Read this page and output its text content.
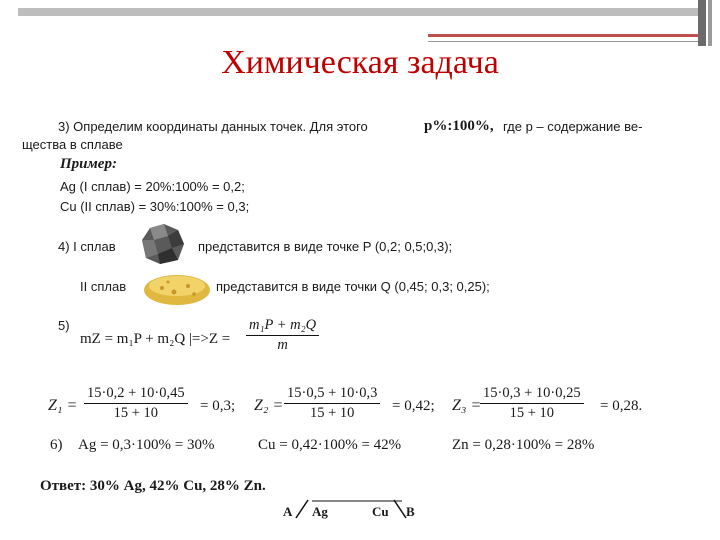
Химическая задача
3) Определим координаты данных точек. Для этого	p%:100%, где p – содержание ве-
щества в сплаве
Пример:
Ag (I сплав) = 20%:100% = 0,2;
Cu (II сплав) = 30%:100% = 0,3;
4) I сплав	представится в виде точке P (0,2; 0,5;0,3);
II сплав	представится в виде точки Q (0,45; 0,3; 0,25);
5)
mZ = m₁P + m₂Q $|=>Z = \frac{\text{m₁P + m₂Q}}{m}$
$Z_1 = \frac{15\cdot 0,2 + 10\cdot 0,45}{15 + 10} = 0,3$; $Z_2 = \frac{15\cdot 0,5 + 10\cdot 0,3}{15 + 10} = 0,42$; Z₃ =
$\frac{15\cdot 0,3 + 10\cdot 0,25}{15 + 10} = 0,28$.
6) Ag = 0,3·100% = 30%	Cu = 0,42·100% = 42%	Zn = 0,28·100% = 28%
Ответ: 30% Ag, 42% Cu, 28% Zn.
A Ag	Cu B
